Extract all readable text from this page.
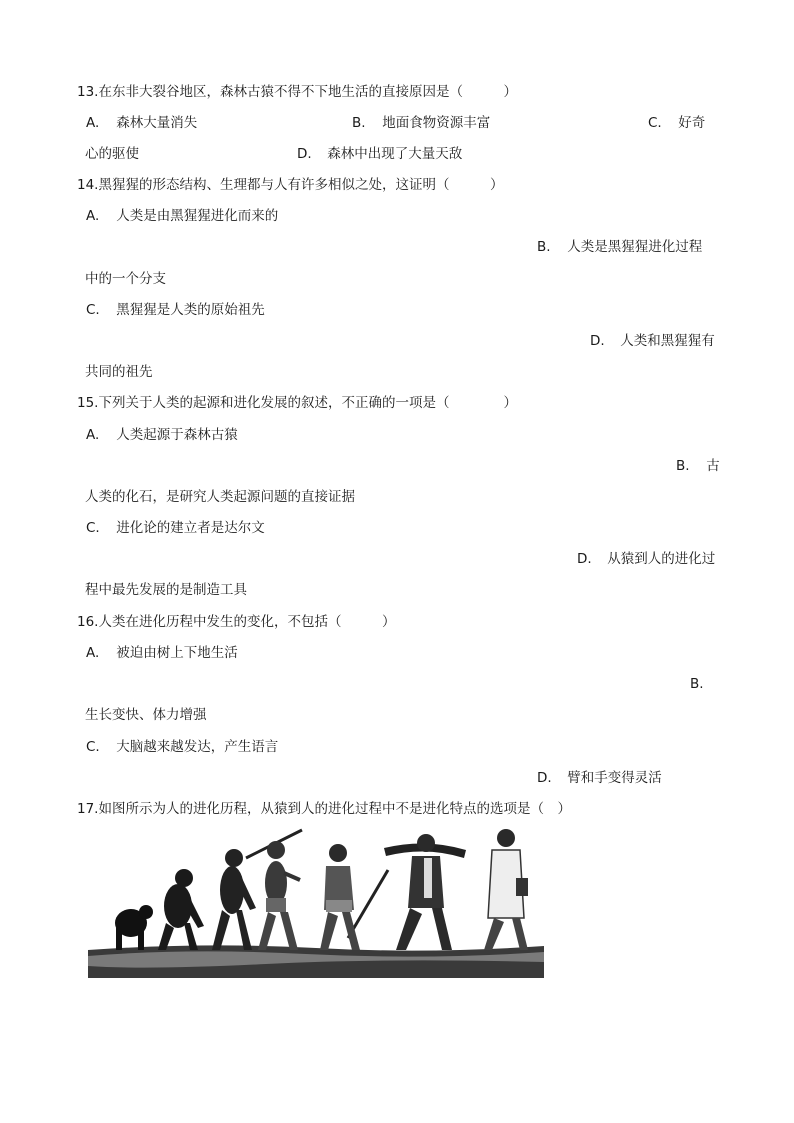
13.在东非大裂谷地区，森林古猿不得不下地生活的直接原因是（　　　）
A. 森林大量消失	B. 地面食物资源丰富	C. 好奇
心的驱使	D. 森林中出现了大量天敌
14.黑猩猩的形态结构、生理都与人有许多相似之处，这证明（　　　）
A. 人类是由黑猩猩进化而来的
B. 人类是黑猩猩进化过程
中的一个分支
C. 黑猩猩是人类的原始祖先
D. 人类和黑猩猩有
共同的祖先
15.下列关于人类的起源和进化发展的叙述，不正确的一项是（　　　　）
A. 人类起源于森林古猿
B. 古
人类的化石，是研究人类起源问题的直接证据
C. 进化论的建立者是达尔文
D. 从猿到人的进化过
程中最先发展的是制造工具
16.人类在进化历程中发生的变化，不包括（　　　）
A. 被迫由树上下地生活
B.
生长变快、体力增强
C. 大脑越来越发达，产生语言
D. 臂和手变得灵活
17.如图所示为人的进化历程，从猿到人的进化过程中不是进化特点的选项是（　）
